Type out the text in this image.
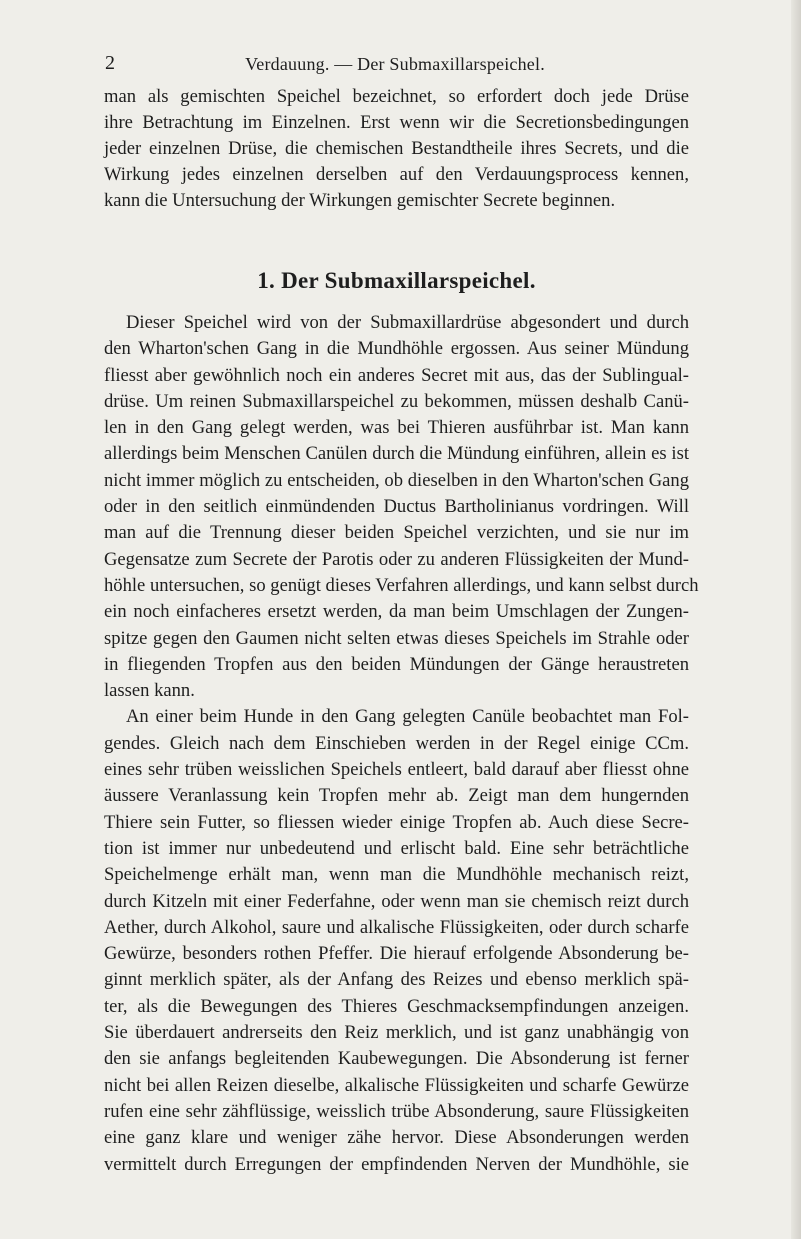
2	Verdauung. — Der Submaxillarspeichel.
man als gemischten Speichel bezeichnet, so erfordert doch jede Drüse
ihre Betrachtung im Einzelnen. Erst wenn wir die Secretionsbedingungen
jeder einzelnen Drüse, die chemischen Bestandtheile ihres Secrets, und die
Wirkung jedes einzelnen derselben auf den Verdauungsprocess kennen,
kann die Untersuchung der Wirkungen gemischter Secrete beginnen.
1. Der Submaxillarspeichel.
Dieser Speichel wird von der Submaxillardrüse abgesondert und durch
den Wharton'schen Gang in die Mundhöhle ergossen. Aus seiner Mündung
fliesst aber gewöhnlich noch ein anderes Secret mit aus, das der Sublingual-
drüse. Um reinen Submaxillarspeichel zu bekommen, müssen deshalb Canü-
len in den Gang gelegt werden, was bei Thieren ausführbar ist. Man kann
allerdings beim Menschen Canülen durch die Mündung einführen, allein es ist
nicht immer möglich zu entscheiden, ob dieselben in den Wharton'schen Gang
oder in den seitlich einmündenden Ductus Bartholinianus vordringen. Will
man auf die Trennung dieser beiden Speichel verzichten, und sie nur im
Gegensatze zum Secrete der Parotis oder zu anderen Flüssigkeiten der Mund-
höhle untersuchen, so genügt dieses Verfahren allerdings, und kann selbst durch
ein noch einfacheres ersetzt werden, da man beim Umschlagen der Zungen-
spitze gegen den Gaumen nicht selten etwas dieses Speichels im Strahle oder
in fliegenden Tropfen aus den beiden Mündungen der Gänge heraustreten
lassen kann.
An einer beim Hunde in den Gang gelegten Canüle beobachtet man Fol-
gendes. Gleich nach dem Einschieben werden in der Regel einige CCm.
eines sehr trüben weisslichen Speichels entleert, bald darauf aber fliesst ohne
äussere Veranlassung kein Tropfen mehr ab. Zeigt man dem hungernden
Thiere sein Futter, so fliessen wieder einige Tropfen ab. Auch diese Secre-
tion ist immer nur unbedeutend und erlischt bald. Eine sehr beträchtliche
Speichelmenge erhält man, wenn man die Mundhöhle mechanisch reizt,
durch Kitzeln mit einer Federfahne, oder wenn man sie chemisch reizt durch
Aether, durch Alkohol, saure und alkalische Flüssigkeiten, oder durch scharfe
Gewürze, besonders rothen Pfeffer. Die hierauf erfolgende Absonderung be-
ginnt merklich später, als der Anfang des Reizes und ebenso merklich spä-
ter, als die Bewegungen des Thieres Geschmacksempfindungen anzeigen.
Sie überdauert andrerseits den Reiz merklich, und ist ganz unabhängig von
den sie anfangs begleitenden Kaubewegungen. Die Absonderung ist ferner
nicht bei allen Reizen dieselbe, alkalische Flüssigkeiten und scharfe Gewürze
rufen eine sehr zähflüssige, weisslich trübe Absonderung, saure Flüssigkeiten
eine ganz klare und weniger zähe hervor. Diese Absonderungen werden
vermittelt durch Erregungen der empfindenden Nerven der Mundhöhle, sie
